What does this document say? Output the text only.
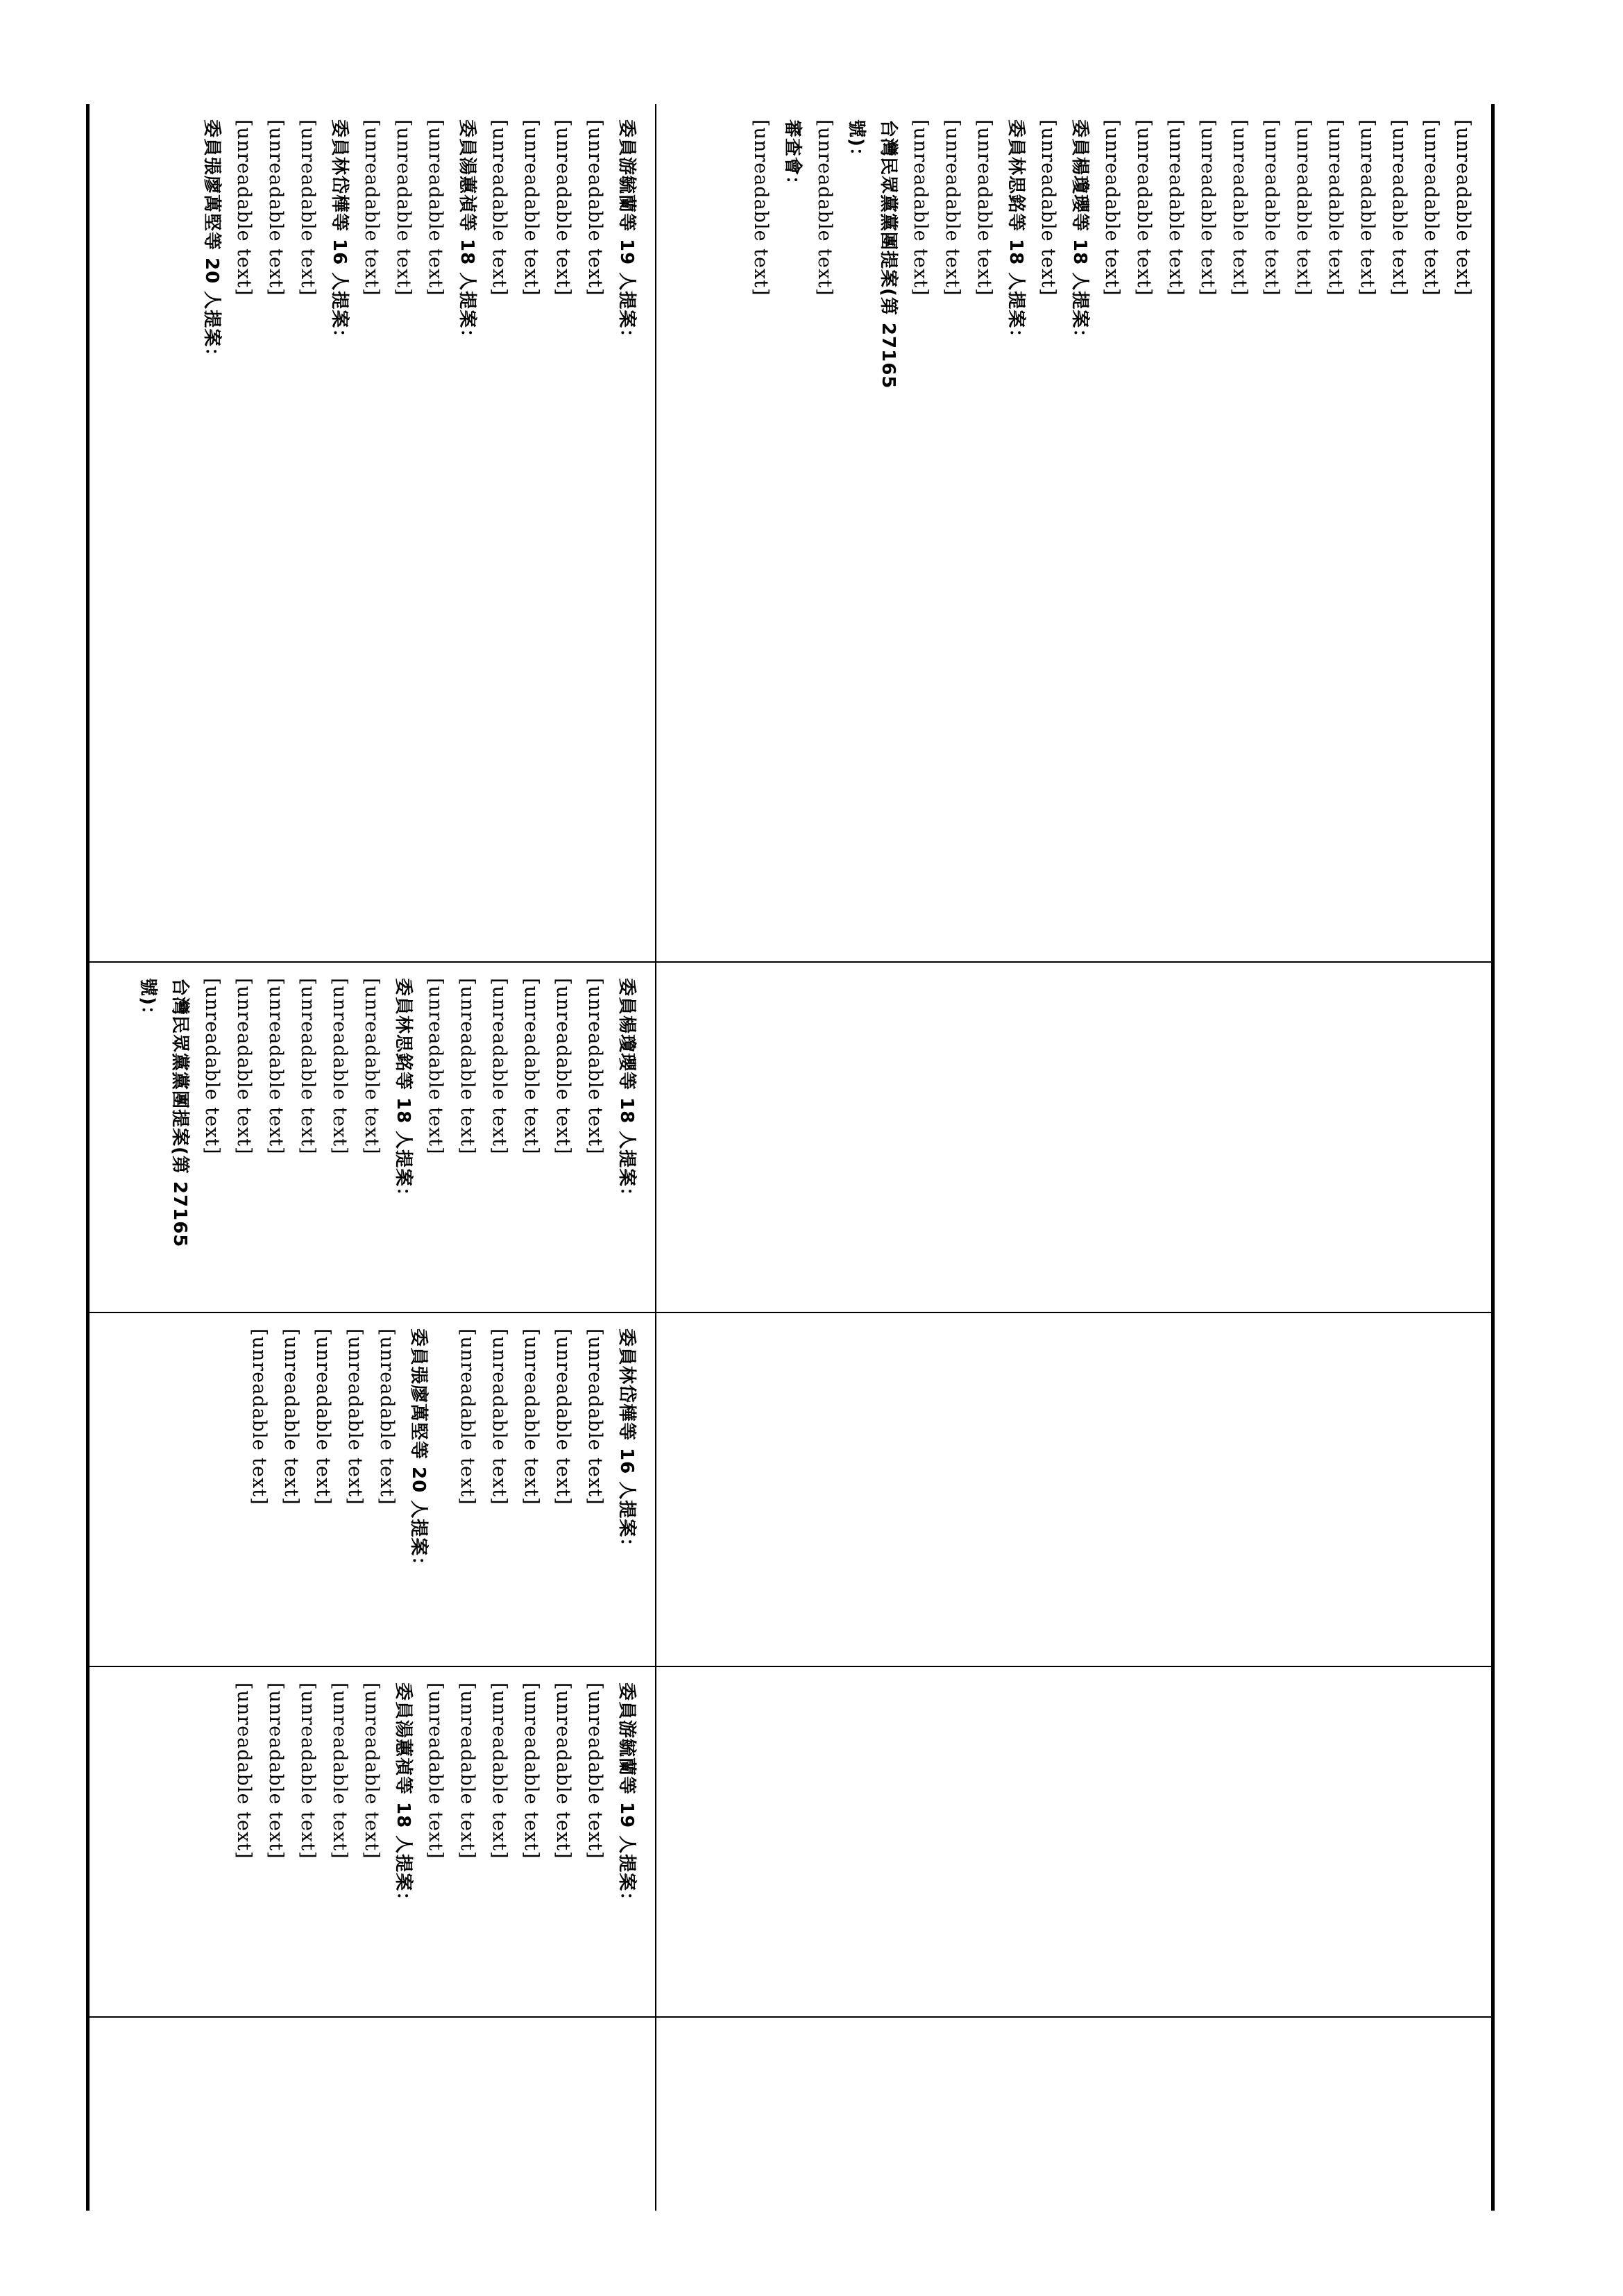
[unreadable text]
[unreadable text]
[unreadable text]
[unreadable text]
[unreadable text]
[unreadable text]
[unreadable text]
[unreadable text]
[unreadable text]
[unreadable text]
[unreadable text]
[unreadable text]
委員楊瓊瓔等 18 人提案：
[unreadable text]
委員林思銘等 18 人提案：
[unreadable text]
[unreadable text]
[unreadable text]
台灣民眾黨黨團提案(第 27165
號)：
[unreadable text]
審查會：
[unreadable text]
委員游毓蘭等 19 人提案：
[unreadable text]
[unreadable text]
[unreadable text]
[unreadable text]
委員湯蕙禎等 18 人提案：
[unreadable text]
[unreadable text]
[unreadable text]
委員林岱樺等 16 人提案：
[unreadable text]
[unreadable text]
[unreadable text]
委員張廖萬堅等 20 人提案：
委員楊瓊瓔等 18 人提案：
[unreadable text]
[unreadable text]
[unreadable text]
[unreadable text]
[unreadable text]
[unreadable text]
委員林思銘等 18 人提案：
[unreadable text]
[unreadable text]
[unreadable text]
[unreadable text]
[unreadable text]
[unreadable text]
台灣民眾黨黨團提案(第 27165
號)：
委員林岱樺等 16 人提案：
[unreadable text]
[unreadable text]
[unreadable text]
[unreadable text]
[unreadable text]
委員張廖萬堅等 20 人提案：
[unreadable text]
[unreadable text]
[unreadable text]
[unreadable text]
[unreadable text]
委員游毓蘭等 19 人提案：
[unreadable text]
[unreadable text]
[unreadable text]
[unreadable text]
[unreadable text]
[unreadable text]
委員湯蕙禎等 18 人提案：
[unreadable text]
[unreadable text]
[unreadable text]
[unreadable text]
[unreadable text]
